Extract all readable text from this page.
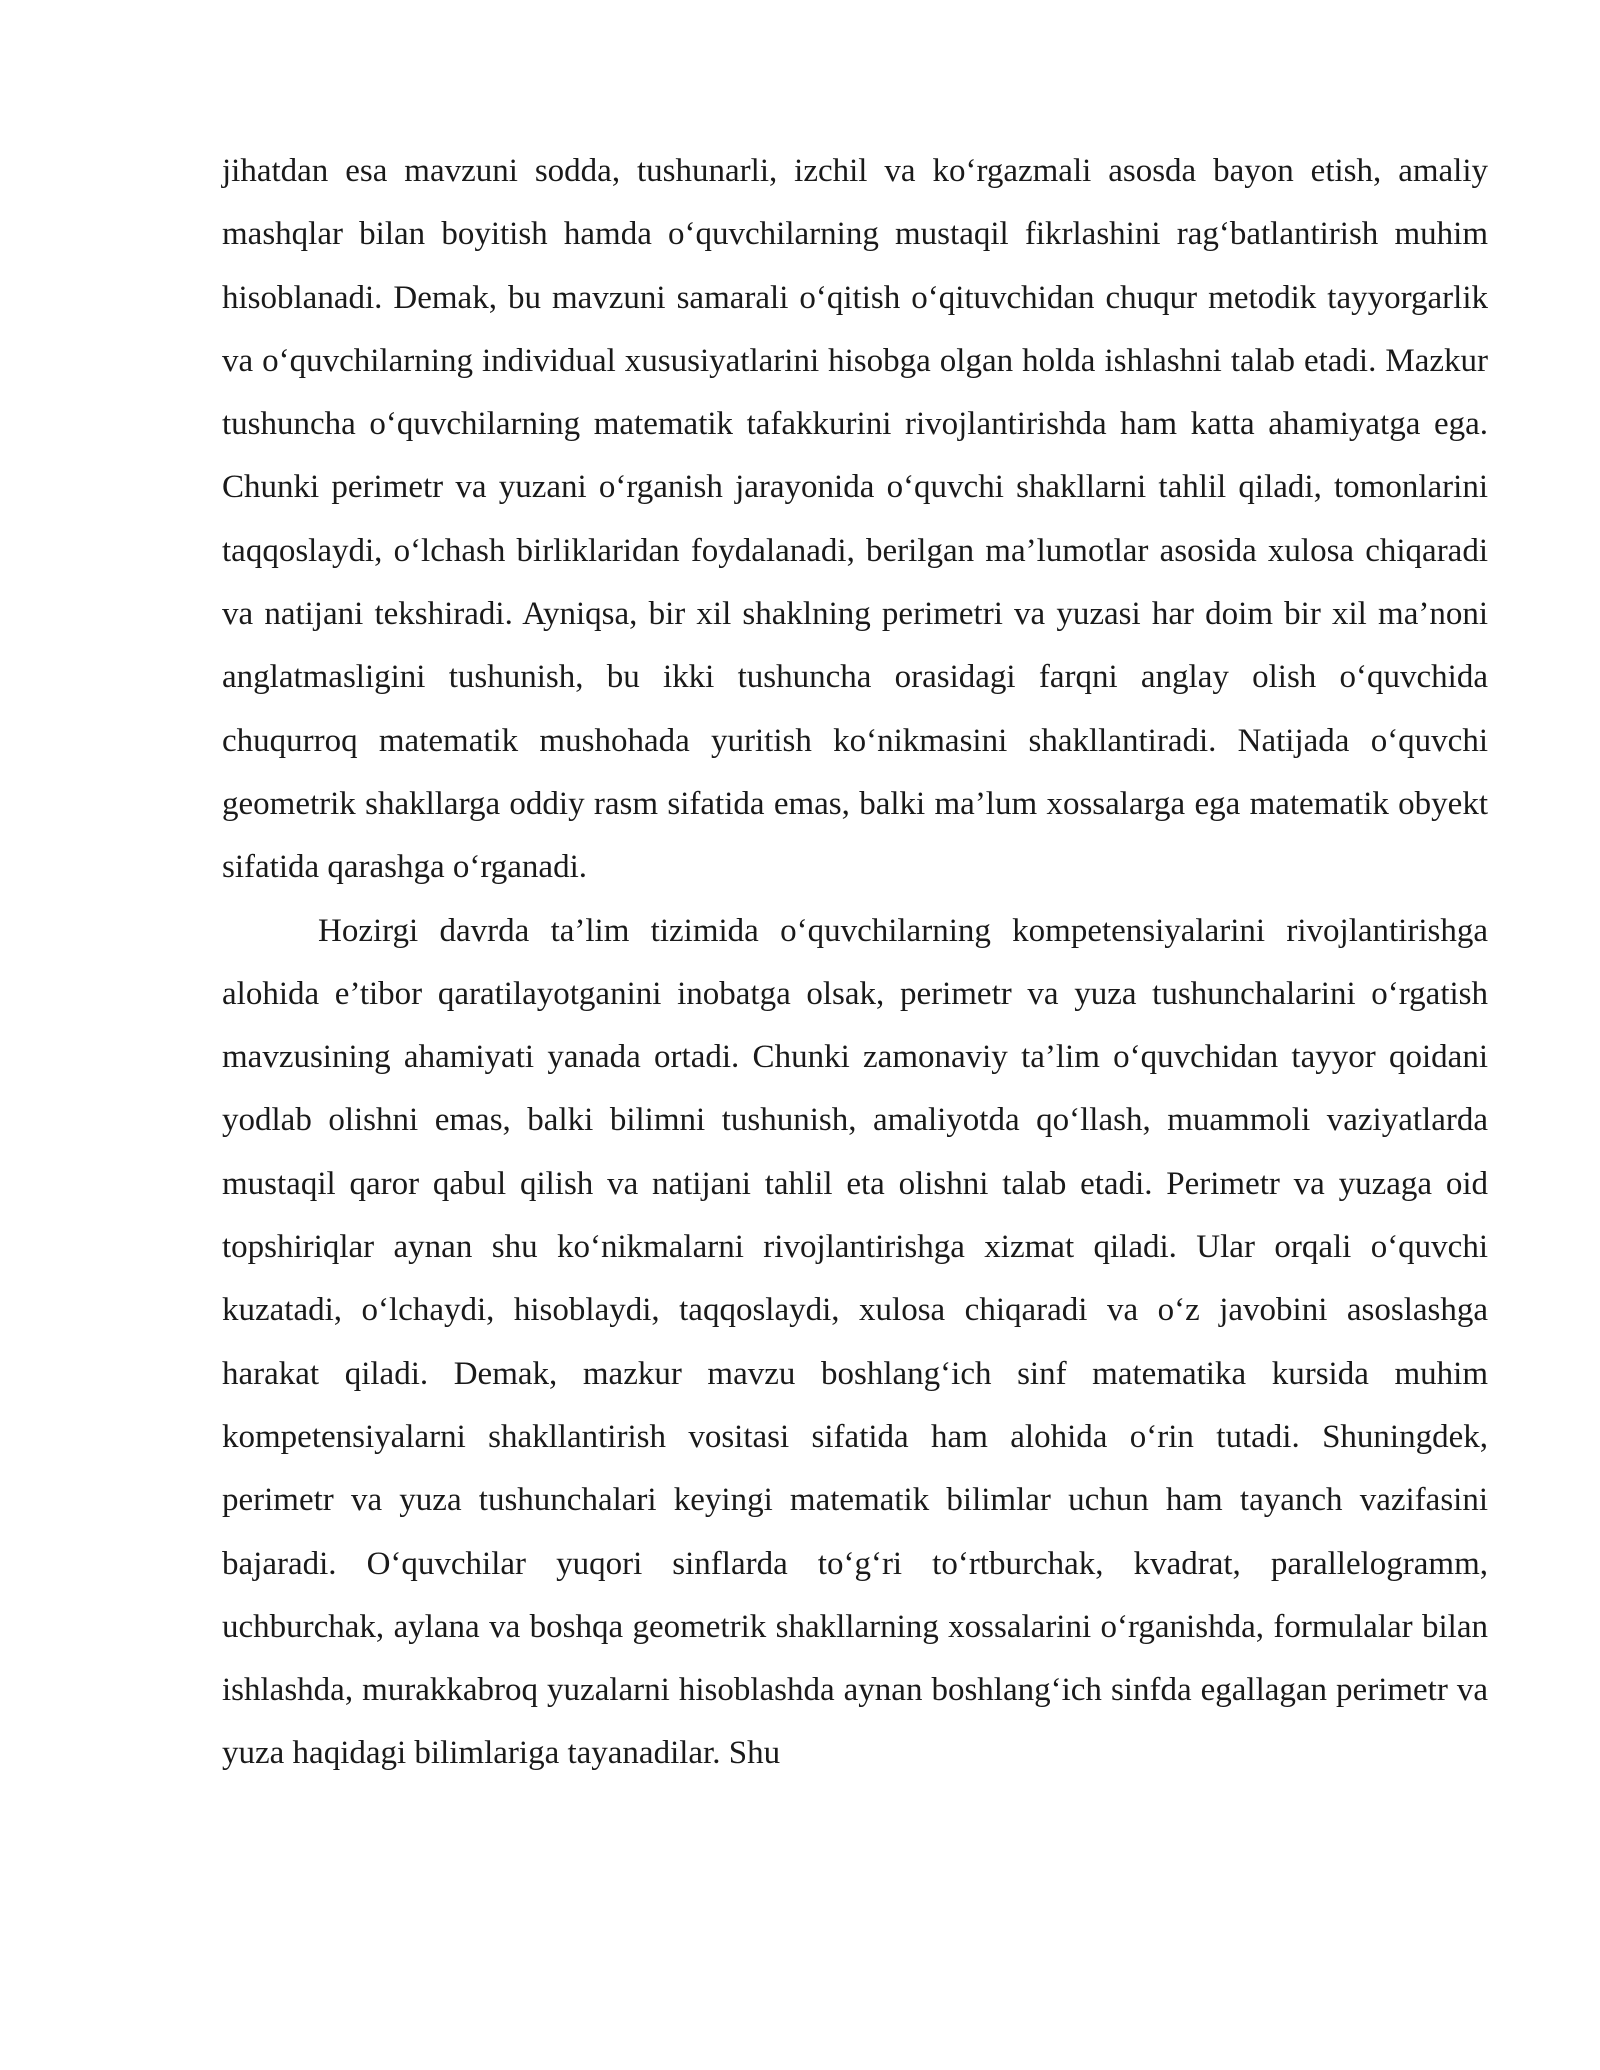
jihatdan esa mavzuni sodda, tushunarli, izchil va ko‘rgazmali asosda bayon etish, amaliy mashqlar bilan boyitish hamda o‘quvchilarning mustaqil fikrlashini rag‘batlantirish muhim hisoblanadi. Demak, bu mavzuni samarali o‘qitish o‘qituvchidan chuqur metodik tayyorgarlik va o‘quvchilarning individual xususiyatlarini hisobga olgan holda ishlashni talab etadi. Mazkur tushuncha o‘quvchilarning matematik tafakkurini rivojlantirishda ham katta ahamiyatga ega. Chunki perimetr va yuzani o‘rganish jarayonida o‘quvchi shakllarni tahlil qiladi, tomonlarini taqqoslaydi, o‘lchash birliklaridan foydalanadi, berilgan ma’lumotlar asosida xulosa chiqaradi va natijani tekshiradi. Ayniqsa, bir xil shaklning perimetri va yuzasi har doim bir xil ma’noni anglatmasligini tushunish, bu ikki tushuncha orasidagi farqni anglay olish o‘quvchida chuqurroq matematik mushohada yuritish ko‘nikmasini shakllantiradi. Natijada o‘quvchi geometrik shakllarga oddiy rasm sifatida emas, balki ma’lum xossalarga ega matematik obyekt sifatida qarashga o‘rganadi.

Hozirgi davrda ta’lim tizimida o‘quvchilarning kompetensiyalarini rivojlantirishga alohida e’tibor qaratilayotganini inobatga olsak, perimetr va yuza tushunchalarini o‘rgatish mavzusining ahamiyati yanada ortadi. Chunki zamonaviy ta’lim o‘quvchidan tayyor qoidani yodlab olishni emas, balki bilimni tushunish, amaliyotda qo‘llash, muammoli vaziyatlarda mustaqil qaror qabul qilish va natijani tahlil eta olishni talab etadi. Perimetr va yuzaga oid topshiriqlar aynan shu ko‘nikmalarni rivojlantirishga xizmat qiladi. Ular orqali o‘quvchi kuzatadi, o‘lchaydi, hisoblaydi, taqqoslaydi, xulosa chiqaradi va o‘z javobini asoslashga harakat qiladi. Demak, mazkur mavzu boshlang‘ich sinf matematika kursida muhim kompetensiyalarni shakllantirish vositasi sifatida ham alohida o‘rin tutadi. Shuningdek, perimetr va yuza tushunchalari keyingi matematik bilimlar uchun ham tayanch vazifasini bajaradi. O‘quvchilar yuqori sinflarda to‘g‘ri to‘rtburchak, kvadrat, parallelogramm, uchburchak, aylana va boshqa geometrik shakllarning xossalarini o‘rganishda, formulalar bilan ishlashda, murakkabroq yuzalarni hisoblashda aynan boshlang‘ich sinfda egallagan perimetr va yuza haqidagi bilimlariga tayanadilar. Shu
